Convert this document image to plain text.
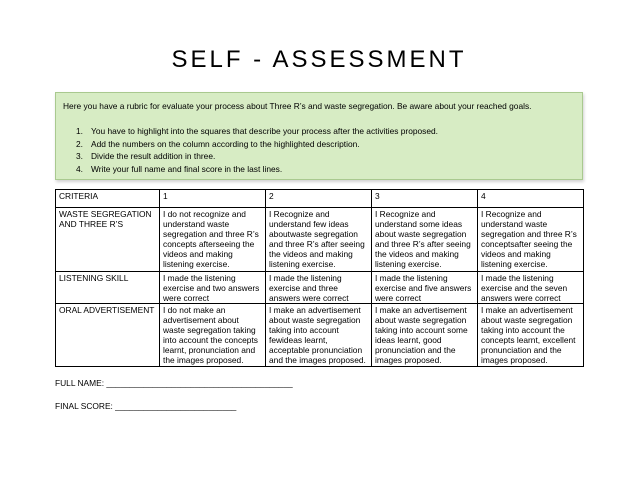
SELF - ASSESSMENT
Here you have a rubric for evaluate your process about Three R’s and waste segregation. Be aware about your reached goals.
1. You have to highlight into the squares that describe your process after the activities proposed.
2. Add the numbers on the column according to the highlighted description.
3. Divide the result addition in three.
4. Write your full name and final score in the last lines.
CRITERIA	1	2	3	4
WASTE SEGREGATION AND THREE R’S	I do not recognize and understand waste segregation and three R’s concepts afterseeing the videos and making listening exercise.	I Recognize and understand few ideas aboutwaste segregation and three R’s after seeing the videos and making listening exercise.	I Recognize and understand some ideas about waste segregation and three R’s after seeing the videos and making listening exercise.	I Recognize and understand waste segregation and three R’s conceptsafter seeing the videos and making listening exercise.
LISTENING SKILL	I made the listening exercise and two answers were correct	I made the listening exercise and three answers were correct	I made the listening exercise and five answers were correct	I made the listening exercise and the seven answers were correct
ORAL ADVERTISEMENT	I do not make an advertisement about waste segregation taking into account the concepts learnt, pronunciation and the images proposed.	I make an advertisement about waste segregation taking into account fewideas learnt, acceptable pronunciation and the images proposed.	I make an advertisement about waste segregation taking into account some ideas learnt, good pronunciation and the images proposed.	I make an advertisement about waste segregation taking into account the concepts learnt, excellent pronunciation and the images proposed.
FULL NAME: ________________________________________
FINAL SCORE: __________________________
